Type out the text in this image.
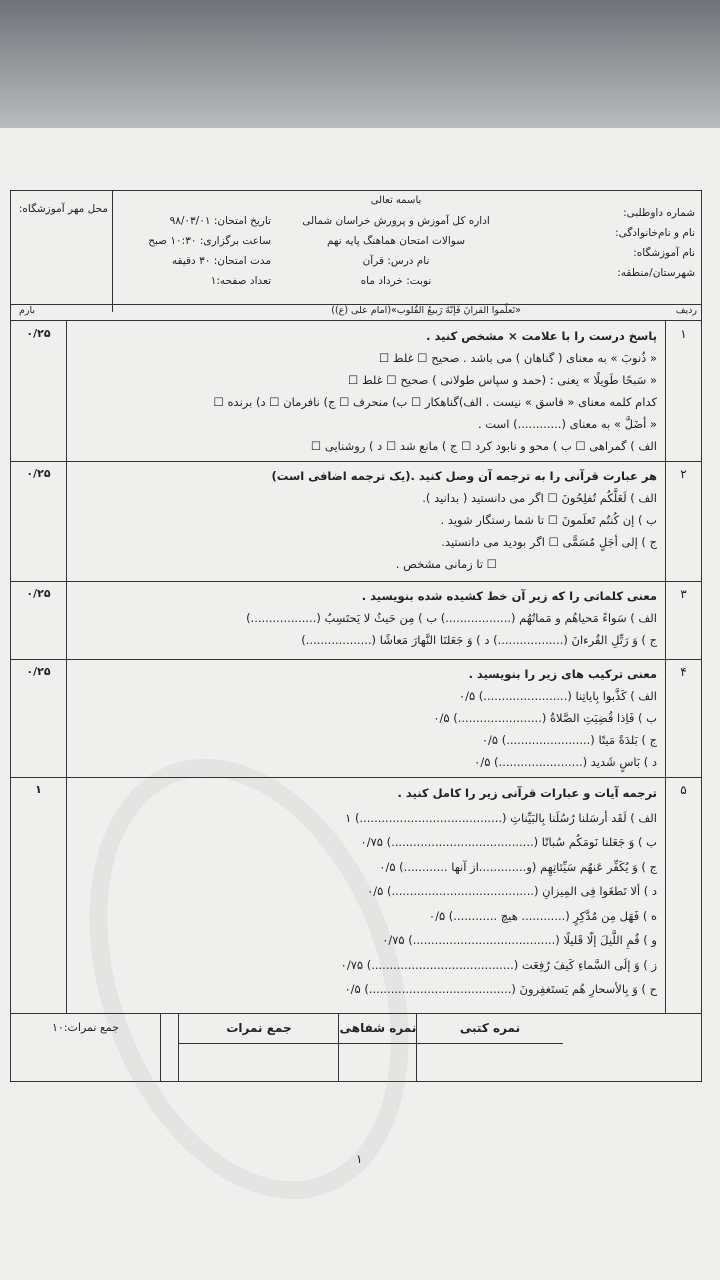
شماره داوطلبی:
نام و نام‌خانوادگی:
نام آموزشگاه:
شهرستان/منطقه:
باسمه تعالی
اداره کل آموزش و پرورش خراسان شمالی
سوالات امتحان هماهنگ پایه نهم
نام درس: قرآن
نوبت: خرداد ماه
تاریخ امتحان: ۹۸/۰۳/۰۱
ساعت برگزاری: ۱۰:۳۰ صبح
مدت امتحان: ۳۰ دقیقه
تعداد صفحه:۱
محل مهر آموزشگاه:
ردیف
«تَعلّموا القرآنَ فَإنّهُ رَبیعُ القُلوب»(امام علی (ع))
بارم
۱
۰/۲۵	پاسخ درست را با علامت × مشخص کنید .
« ذُنوبَ » به معنای ( گناهان ) می باشد . صحیح ☐ غلط ☐
« سَبحًا طَویلًا » یعنی : (حمد و سپاس طولانی ) صحیح ☐ غلط ☐
کدام کلمه معنای « فاسق » نیست . الف)گناهکار ☐ ب) منحرف ☐ ج) نافرمان ☐ د) برنده ☐
« أضَلَّ » به معنای (............) است .
الف ) گمراهی ☐ ب ) محو و نابود کرد ☐ ج ) مانع شد ☐ د ) روشنایی ☐
۲
۰/۲۵	هر عبارت قرآنی را به ترجمه آن وصل کنید .(یک ترجمه اضافی است)
الف ) لَعَلَّکُم تُفلِحُونَ ☐ اگر می دانستید ( بدانید ).
ب ) إن کُنتُم تَعلَمونَ ☐ تا شما رستگار شوید .
ج ) إلی أجَلٍ مُسَمًّی ☐ اگر بودید می دانستید.
☐ تا زمانی مشخص .
۳
۰/۲۵	معنی کلماتی را که زیر آن خط کشیده شده بنویسید .
الف ) سَواءً مَحیاهُم و مَماتُهُم (..................) ب ) مِن حَیثُ لا یَحتَسِبُ (..................)
ج ) وَ رَتِّلِ القُرءانَ (..................) د ) وَ جَعَلنَا النَّهارَ مَعاشًا (..................)
۴
۰/۲۵	معنی ترکیب های زیر را بنویسید .
الف ) کَذَّبوا بِایاتِنا (.......................) ۰/۵
ب ) فَاِذا قُضِیَتِ الصَّلاةُ (.......................) ۰/۵
ج ) بَلدَةً مَیتًا (.......................) ۰/۵
د ) بَاسٍ شَدید (.......................) ۰/۵
۵
۱	ترجمه آیات و عبارات قرآنی زیر را کامل کنید .
الف ) لَقَد أرسَلنا رُسُلَنا بِالبَیِّناتِ (.......................................) ۱
ب ) وَ جَعَلنا نَومَکُم سُباتًا (.......................................) ۰/۷۵
ج ) وَ یُکَفِّر عَنهُم سَیِّئاتِهِم (و.............از آنها ............) ۰/۵
د ) ألا تَطغَوا فِی المِیزانِ (.......................................) ۰/۵
ه ) فَهَل مِن مُدَّکِرٍ (............ هیچ ............) ۰/۵
و ) قُمِ اللَّیلَ إلّا قَلیلًا (.......................................) ۰/۷۵
ز ) وَ إلَی السَّماءِ کَیفَ رُفِعَت (.......................................) ۰/۷۵
ح ) وَ بِالأسحارِ هُم یَستَغفِرونَ (.......................................) ۰/۵
نمره کتبی
نمره شفاهی
جمع نمرات
جمع نمرات:۱۰
۱
